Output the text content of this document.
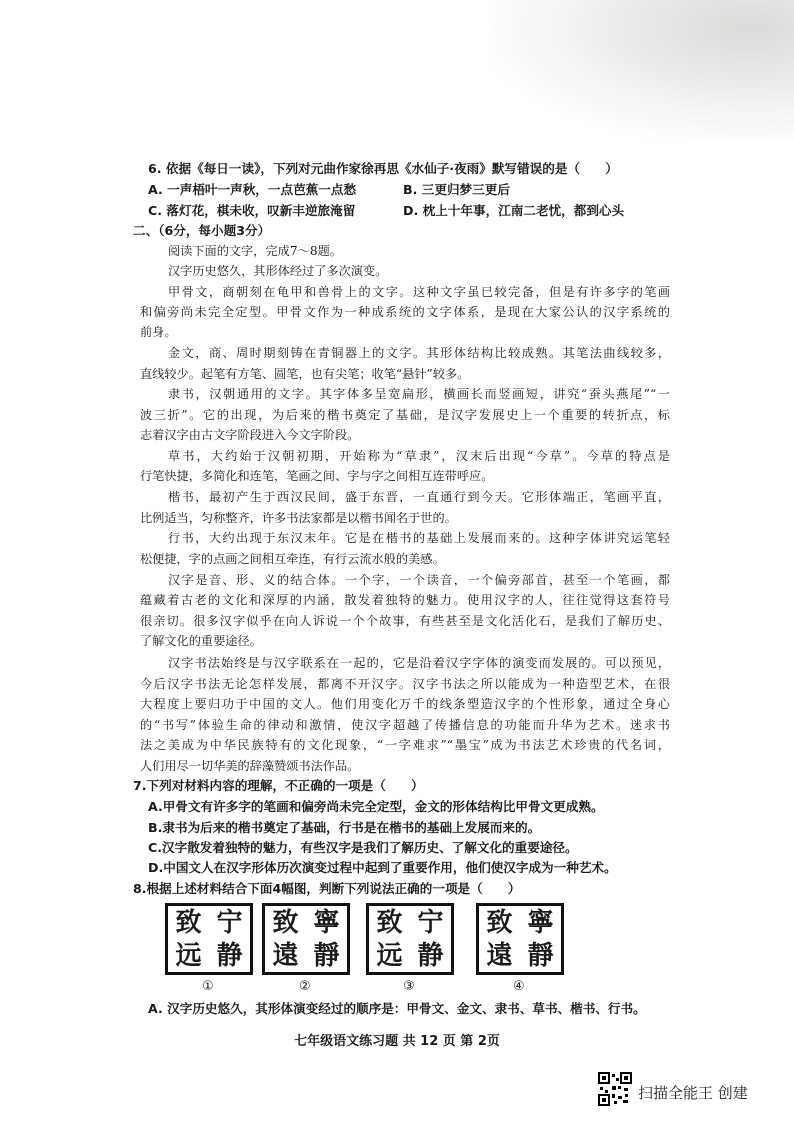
6. 依据《每日一读》，下列对元曲作家徐再思《水仙子·夜雨》默写错误的是（　　）
A. 一声梧叶一声秋，一点芭蕉一点愁	B. 三更归梦三更后
C. 落灯花，棋未收，叹新丰逆旅淹留	D. 枕上十年事，江南二老忧，都到心头
二、（6分，每小题3分）
阅读下面的文字，完成7～8题。
汉字历史悠久，其形体经过了多次演变。
甲骨文，商朝刻在龟甲和兽骨上的文字。这种文字虽已较完备，但是有许多字的笔画
和偏旁尚未完全定型。甲骨文作为一种成系统的文字体系，是现在大家公认的汉字系统的
前身。
金文，商、周时期刻铸在青铜器上的文字。其形体结构比较成熟。其笔法曲线较多，
直线较少。起笔有方笔、圆笔，也有尖笔；收笔“悬针”较多。
隶书，汉朝通用的文字。其字体多呈宽扁形，横画长而竖画短，讲究“蚕头燕尾”“一
波三折”。它的出现，为后来的楷书奠定了基础，是汉字发展史上一个重要的转折点，标
志着汉字由古文字阶段进入今文字阶段。
草书，大约始于汉朝初期，开始称为“草隶”，汉末后出现“今草”。今草的特点是
行笔快捷，多简化和连笔，笔画之间、字与字之间相互连带呼应。
楷书，最初产生于西汉民间，盛于东晋，一直通行到今天。它形体端正，笔画平直，
比例适当，匀称整齐，许多书法家都是以楷书闻名于世的。
行书，大约出现于东汉末年。它是在楷书的基础上发展而来的。这种字体讲究运笔轻
松便捷，字的点画之间相互牵连，有行云流水般的美感。
汉字是音、形、义的结合体。一个字，一个读音，一个偏旁部首，甚至一个笔画，都
蕴藏着古老的文化和深厚的内涵，散发着独特的魅力。使用汉字的人，往往觉得这套符号
很亲切。很多汉字似乎在向人诉说一个个故事，有些甚至是文化活化石，是我们了解历史、
了解文化的重要途径。
汉字书法始终是与汉字联系在一起的，它是沿着汉字字体的演变而发展的。可以预见，
今后汉字书法无论怎样发展，都离不开汉字。汉字书法之所以能成为一种造型艺术，在很
大程度上要归功于中国的文人。他们用变化万千的线条塑造汉字的个性形象，通过全身心
的“书写”体验生命的律动和激情，使汉字超越了传播信息的功能而升华为艺术。迷求书
法之美成为中华民族特有的文化现象，“一字难求”“墨宝”成为书法艺术珍贵的代名词，
人们用尽一切华美的辞藻赞颂书法作品。
7.下列对材料内容的理解，不正确的一项是（　　）
A.甲骨文有许多字的笔画和偏旁尚未完全定型，金文的形体结构比甲骨文更成熟。
B.隶书为后来的楷书奠定了基础，行书是在楷书的基础上发展而来的。
C.汉字散发着独特的魅力，有些汉字是我们了解历史、了解文化的重要途径。
D.中国文人在汉字形体历次演变过程中起到了重要作用，他们使汉字成为一种艺术。
8.根据上述材料结合下面4幅图，判断下列说法正确的一项是（　　）
致 宁
远 静
致 寧
遠 靜
致 宁
远 静
致 寧
遠 靜
①	②	③	④
A. 汉字历史悠久，其形体演变经过的顺序是：甲骨文、金文、隶书、草书、楷书、行书。
七年级语文练习题 共 12 页 第 2页
扫描全能王 创建
